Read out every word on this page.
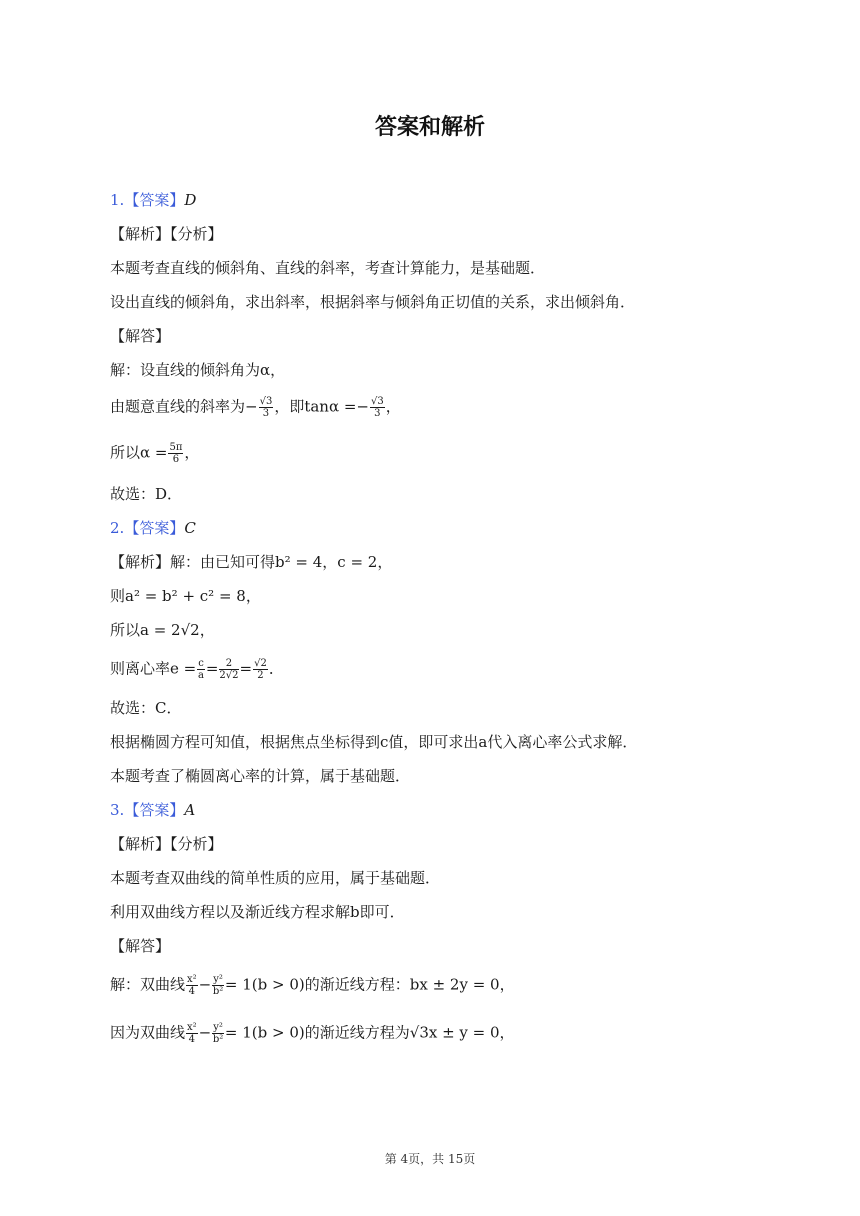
答案和解析
1.【答案】D
【解析】【分析】
本题考查直线的倾斜角、直线的斜率，考查计算能力，是基础题．
设出直线的倾斜角，求出斜率，根据斜率与倾斜角正切值的关系，求出倾斜角．
【解答】
解：设直线的倾斜角为α，
由题意直线的斜率为− $\frac{√3}{3}$ ，即$\tan\alpha =- \frac{√3}{3}$ ，
所以$\alpha = \frac{5\pi}{6}$ ，
故选：D．
2.【答案】C
【解析】解：由已知可得b² = 4，c = 2，
则a² = b² + c² = 8，
所以a = 2√2，
则离心率$e = \frac{c}{a} = \frac{2}{2√2} = \frac{√2}{2}$ ．
故选：C．
根据椭圆方程可知值，根据焦点坐标得到c值，即可求出a代入离心率公式求解．
本题考查了椭圆离心率的计算，属于基础题．
3.【答案】A
【解析】【分析】
本题考查双曲线的简单性质的应用，属于基础题．
利用双曲线方程以及渐近线方程求解b即可．
【解答】
解：双曲线 $\frac{\text{x²}}{4} - \frac{\text{y²}}{\text{b²}} = 1(b > 0)$的渐近线方程：bx ± 2y = 0，
因为双曲线 $\frac{\text{x²}}{4} - \frac{\text{y²}}{\text{b²}} = 1(b > 0)$的渐近线方程为√3x ± y = 0，
第 4页，共 15页
